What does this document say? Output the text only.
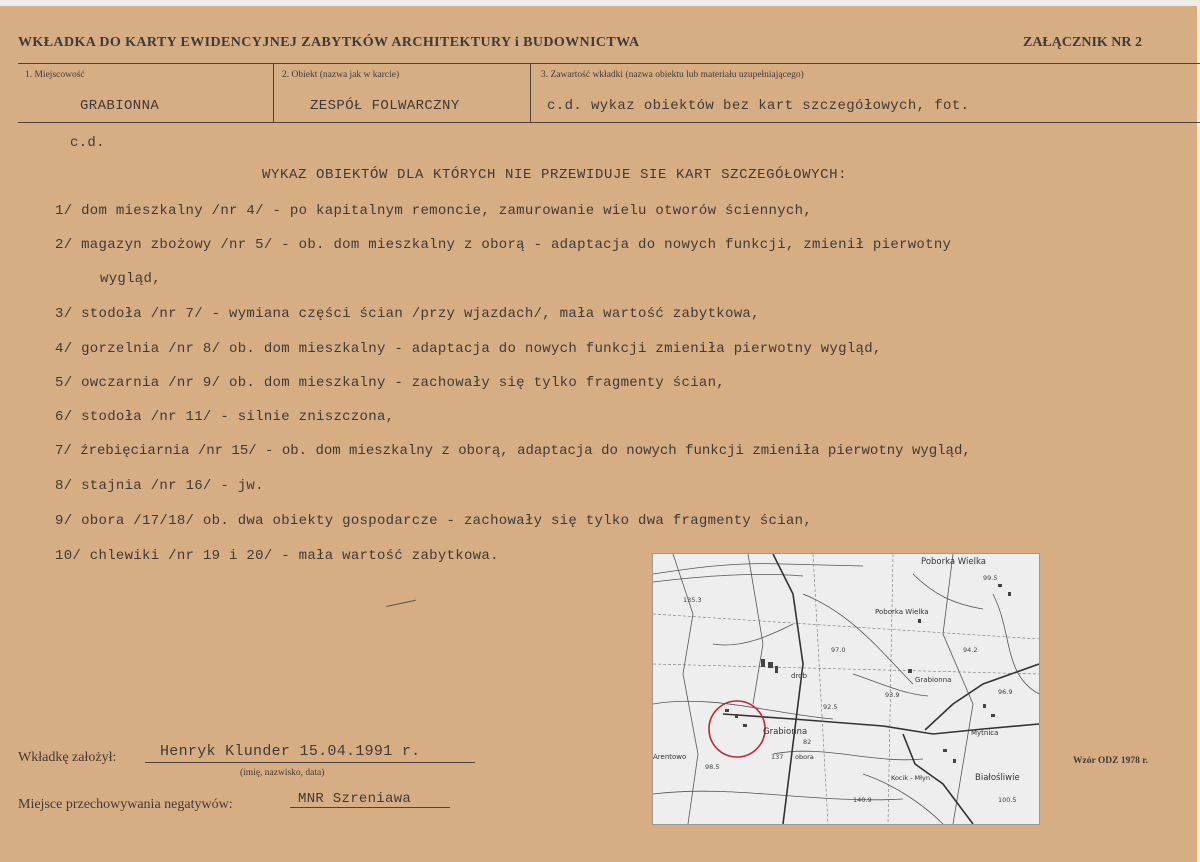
WKŁADKA DO KARTY EWIDENCYJNEJ ZABYTKÓW ARCHITEKTURY i BUDOWNICTWA	ZAŁĄCZNIK NR 2
1. Miejscowość
GRABIONNA
2. Obiekt (nazwa jak w karcie)
ZESPÓŁ FOLWARCZNY
3. Zawartość wkładki (nazwa obiektu lub materiału uzupełniającego)
c.d. wykaz obiektów bez kart szczegółowych, fot.
c.d.
WYKAZ OBIEKTÓW DLA KTÓRYCH NIE PRZEWIDUJE SIE KART SZCZEGÓŁOWYCH:
1/ dom mieszkalny /nr 4/ - po kapitalnym remoncie, zamurowanie wielu otworów ściennych,
2/ magazyn zbożowy /nr 5/ - ob. dom mieszkalny z oborą - adaptacja do nowych funkcji, zmienił pierwotny
wygląd,
3/ stodoła /nr 7/ - wymiana części ścian /przy wjazdach/, mała wartość zabytkowa,
4/ gorzelnia /nr 8/ ob. dom mieszkalny - adaptacja do nowych funkcji zmieniła pierwotny wygląd,
5/ owczarnia /nr 9/ ob. dom mieszkalny - zachowały się tylko fragmenty ścian,
6/ stodoła /nr 11/ - silnie zniszczona,
7/ źrebięciarnia /nr 15/ - ob. dom mieszkalny z oborą, adaptacja do nowych funkcji zmieniła pierwotny wygląd,
8/ stajnia /nr 16/ - jw.
9/ obora /17/18/ ob. dwa obiekty gospodarcze - zachowały się tylko dwa fragmenty ścian,
10/ chlewiki /nr 19 i 20/ - mała wartość zabytkowa.	Poborka Wielka
Poborka Wielka
Grabionna
Grabionna	Mytnica
Białośliwie
Arentowo
Kocik - Młyn
drob
obora
135.3
93.9	96.9
99.5
100.5
140.9
97.0	94.2
82
92.5
98.5
137
Wkładkę założył:	Henryk Klunder 15.04.1991 r.
(imię, nazwisko, data)
Miejsce przechowywania negatywów:	MNR Szreniawa
Wzór ODZ 1978 r.
